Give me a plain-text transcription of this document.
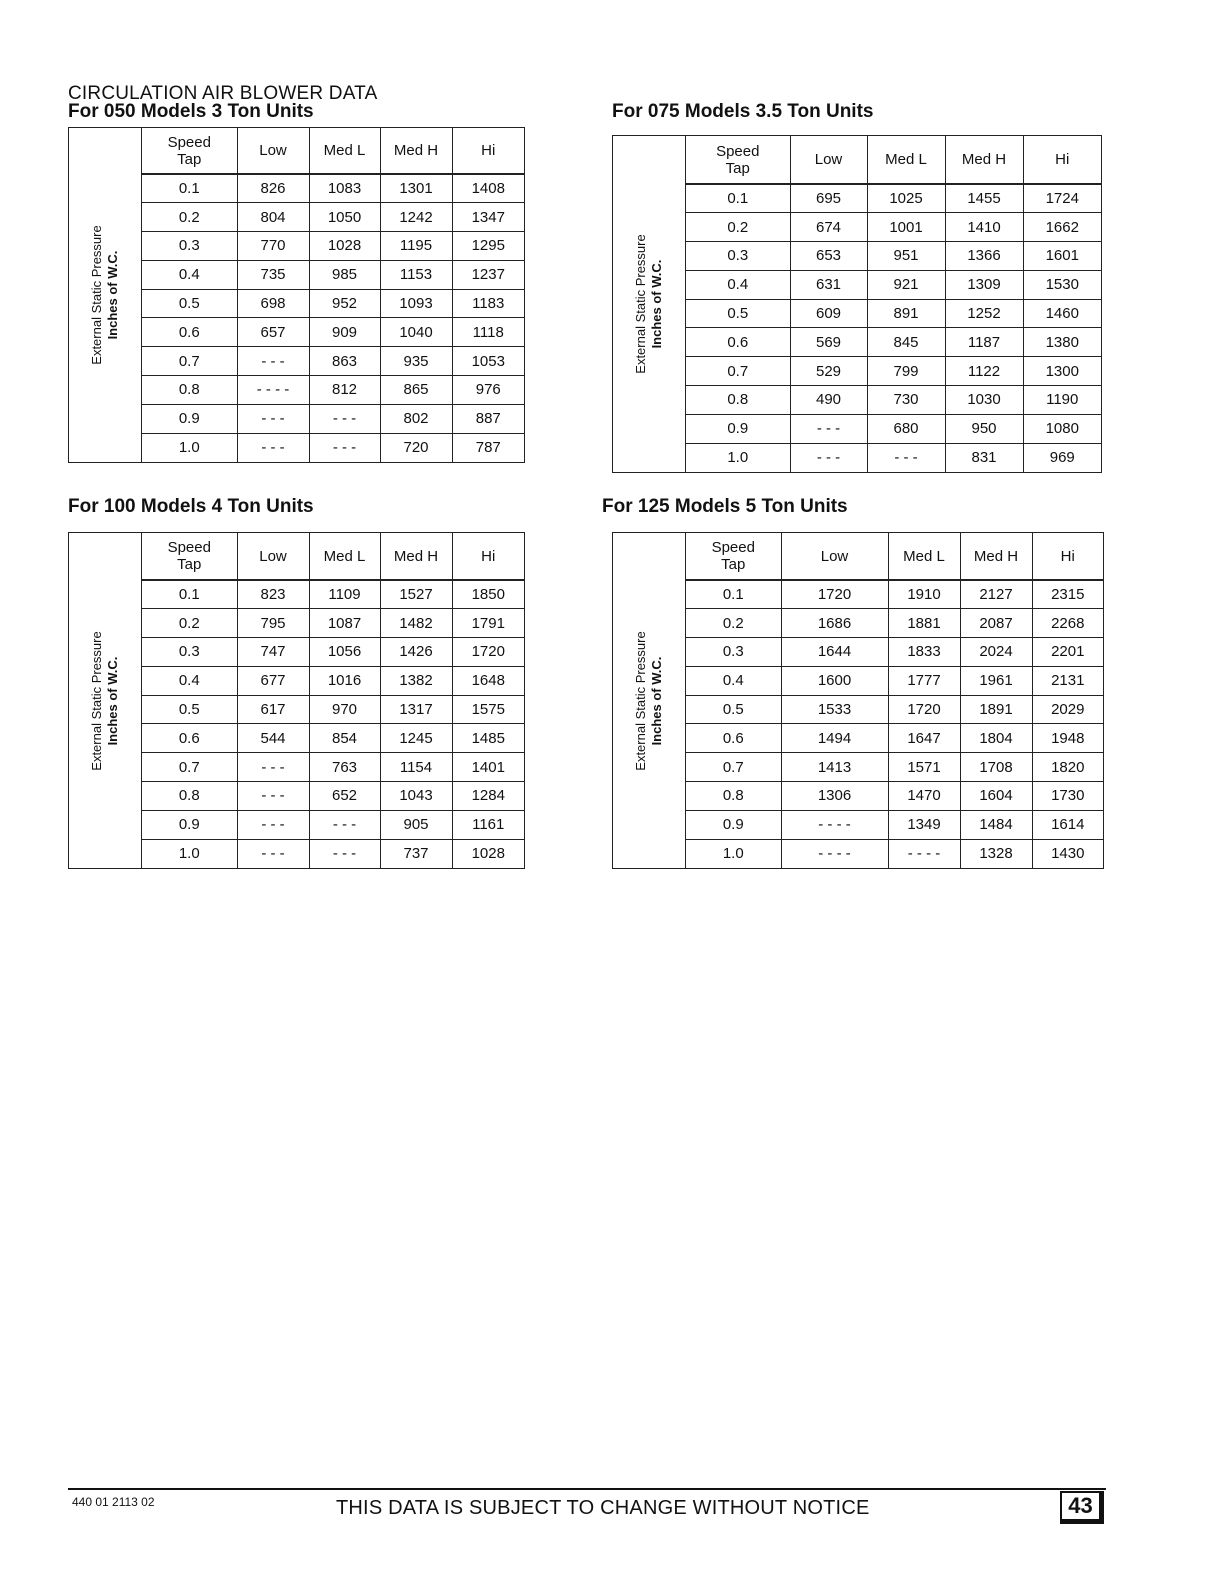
CIRCULATION AIR BLOWER DATA
For 050 Models 3 Ton Units
External Static Pressure Inches of W.C.
Speed
Tap	Low	Med L	Med H	Hi
0.1	826	1083	1301	1408
0.2	804	1050	1242	1347
0.3	770	1028	1195	1295
0.4	735	985	1153	1237
0.5	698	952	1093	1183
0.6	657	909	1040	1118
0.7	- - -	863	935	1053
0.8	- - - -	812	865	976
0.9	- - -	- - -	802	887
1.0	- - -	- - -	720	787
For 075 Models 3.5 Ton Units
External Static Pressure Inches of W.C.
Speed
Tap	Low	Med L	Med H	Hi
0.1	695	1025	1455	1724
0.2	674	1001	1410	1662
0.3	653	951	1366	1601
0.4	631	921	1309	1530
0.5	609	891	1252	1460
0.6	569	845	1187	1380
0.7	529	799	1122	1300
0.8	490	730	1030	1190
0.9	- - -	680	950	1080
1.0	- - -	- - -	831	969
For 100 Models 4 Ton Units
External Static Pressure Inches of W.C.
Speed
Tap	Low	Med L	Med H	Hi
0.1	823	1109	1527	1850
0.2	795	1087	1482	1791
0.3	747	1056	1426	1720
0.4	677	1016	1382	1648
0.5	617	970	1317	1575
0.6	544	854	1245	1485
0.7	- - -	763	1154	1401
0.8	- - -	652	1043	1284
0.9	- - -	- - -	905	1161
1.0	- - -	- - -	737	1028
For 125 Models 5 Ton Units
External Static Pressure Inches of W.C.
Speed
Tap	Low	Med L	Med H	Hi
0.1	1720	1910	2127	2315
0.2	1686	1881	2087	2268
0.3	1644	1833	2024	2201
0.4	1600	1777	1961	2131
0.5	1533	1720	1891	2029
0.6	1494	1647	1804	1948
0.7	1413	1571	1708	1820
0.8	1306	1470	1604	1730
0.9	- - - -	1349	1484	1614
1.0	- - - -	- - - -	1328	1430
440 01 2113 02	THIS DATA IS SUBJECT TO CHANGE WITHOUT NOTICE	43
